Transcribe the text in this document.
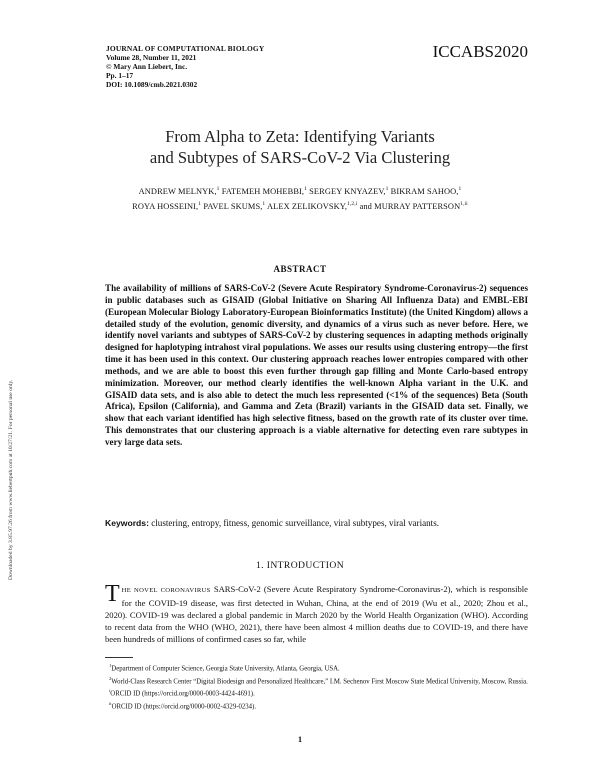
Downloaded by 3.85.97.26 from www.liebertpub.com at 10/27/21. For personal use only.
JOURNAL OF COMPUTATIONAL BIOLOGY
Volume 28, Number 11, 2021
© Mary Ann Liebert, Inc.
Pp. 1–17
DOI: 10.1089/cmb.2021.0302
ICCABS2020
From Alpha to Zeta: Identifying Variants
and Subtypes of SARS-CoV-2 Via Clustering
ANDREW MELNYK,$^1$ FATEMEH MOHEBBI,$^1$ SERGEY KNYAZEV,$^1$ BIKRAM SAHOO,$^1$
ROYA HOSSEINI,$^1$ PAVEL SKUMS,$^1$ ALEX ZELIKOVSKY,$^{1,2,i}$ and MURRAY $PATTERSON^{1,ii}$
ABSTRACT
The availability of millions of SARS-CoV-2 (Severe Acute Respiratory Syndrome-Coronavirus-2) sequences in public databases such as GISAID (Global Initiative on Sharing All Influenza Data) and EMBL-EBI (European Molecular Biology Laboratory-European Bioinformatics Institute) (the United Kingdom) allows a detailed study of the evolution, genomic diversity, and dynamics of a virus such as never before. Here, we identify novel variants and subtypes of SARS-CoV-2 by clustering sequences in adapting methods originally designed for haplotyping intrahost viral populations. We asses our results using clustering entropy—the first time it has been used in this context. Our clustering approach reaches lower entropies compared with other methods, and we are able to boost this even further through gap filling and Monte Carlo-based entropy minimization. Moreover, our method clearly identifies the well-known Alpha variant in the U.K. and GISAID data sets, and is also able to detect the much less represented (<1% of the sequences) Beta (South Africa), Epsilon (California), and Gamma and Zeta (Brazil) variants in the GISAID data set. Finally, we show that each variant identified has high selective fitness, based on the growth rate of its cluster over time. This demonstrates that our clustering approach is a viable alternative for detecting even rare subtypes in very large data sets.
Keywords: clustering, entropy, fitness, genomic surveillance, viral subtypes, viral variants.
1. INTRODUCTION
THE NOVEL CORONAVIRUS SARS-CoV-2 (Severe Acute Respiratory Syndrome-Coronavirus-2), which is responsible for the COVID-19 disease, was first detected in Wuhan, China, at the end of 2019 (Wu et al., 2020; Zhou et al., 2020). COVID-19 was declared a global pandemic in March 2020 by the World Health Organization (WHO). According to recent data from the WHO (WHO, 2021), there have been almost 4 million deaths due to COVID-19, and there have been hundreds of millions of confirmed cases so far, while

$^1$Department of Computer Science, Georgia State University, Atlanta, Georgia, USA.

$^2$World-Class Research Center “Digital Biodesign and Personalized Healthcare,” I.M. Sechenov First Moscow State Medical University, Moscow, Russia.

$^i$ORCID ID (https://orcid.org/0000-0003-4424-4691).

$^{ii}$ORCID ID (https://orcid.org/0000-0002-4329-0234).

1
